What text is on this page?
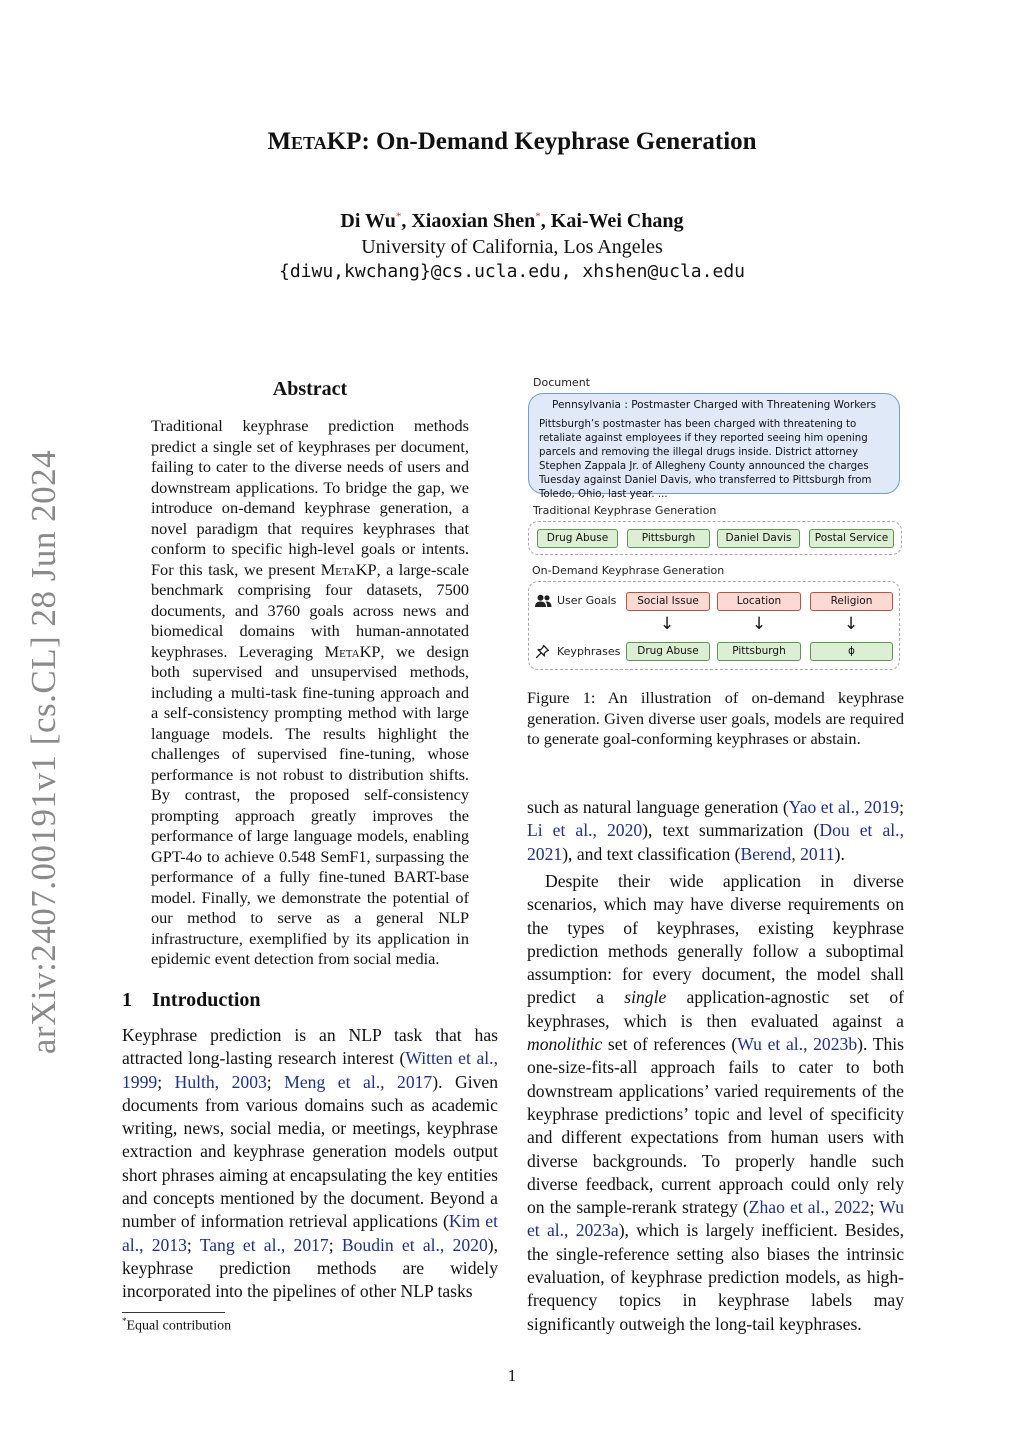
arXiv:2407.00191v1 [cs.CL] 28 Jun 2024
MetaKP: On-Demand Keyphrase Generation
Di Wu*, Xiaoxian Shen*, Kai-Wei Chang
University of California, Los Angeles
{diwu,kwchang}@cs.ucla.edu, xhshen@ucla.edu
Abstract
Traditional keyphrase prediction methods predict a single set of keyphrases per document, failing to cater to the diverse needs of users and downstream applications. To bridge the gap, we introduce on-demand keyphrase generation, a novel paradigm that requires keyphrases that conform to specific high-level goals or intents. For this task, we present MetaKP, a large-scale benchmark comprising four datasets, 7500 documents, and 3760 goals across news and biomedical domains with human-annotated keyphrases. Leveraging MetaKP, we design both supervised and unsupervised methods, including a multi-task fine-tuning approach and a self-consistency prompting method with large language models. The results highlight the challenges of supervised fine-tuning, whose performance is not robust to distribution shifts. By contrast, the proposed self-consistency prompting approach greatly improves the performance of large language models, enabling GPT-4o to achieve 0.548 SemF1, surpassing the performance of a fully fine-tuned BART-base model. Finally, we demonstrate the potential of our method to serve as a general NLP infrastructure, exemplified by its application in epidemic event detection from social media.
1 Introduction
Keyphrase prediction is an NLP task that has attracted long-lasting research interest (Witten et al., 1999; Hulth, 2003; Meng et al., 2017). Given documents from various domains such as academic writing, news, social media, or meetings, keyphrase extraction and keyphrase generation models output short phrases aiming at encapsulating the key entities and concepts mentioned by the document. Beyond a number of information retrieval applications (Kim et al., 2013; Tang et al., 2017; Boudin et al., 2020), keyphrase prediction methods are widely incorporated into the pipelines of other NLP tasks
*Equal contribution
1
Document
Pennsylvania : Postmaster Charged with Threatening Workers
Pittsburgh’s postmaster has been charged with threatening to retaliate against employees if they reported seeing him opening parcels and removing the illegal drugs inside. District attorney Stephen Zappala Jr. of Allegheny County announced the charges Tuesday against Daniel Davis, who transferred to Pittsburgh from Toledo, Ohio, last year. ...
Traditional Keyphrase Generation
Drug Abuse	Pittsburgh	Daniel Davis	Postal Service
On-Demand Keyphrase Generation
User Goals	Social Issue	Location	Religion
↓	↓	↓
Keyphrases	Drug Abuse	Pittsburgh	ϕ
Figure 1: An illustration of on-demand keyphrase generation. Given diverse user goals, models are required to generate goal-conforming keyphrases or abstain.
such as natural language generation (Yao et al., 2019; Li et al., 2020), text summarization (Dou et al., 2021), and text classification (Berend, 2011).
Despite their wide application in diverse scenarios, which may have diverse requirements on the types of keyphrases, existing keyphrase prediction methods generally follow a suboptimal assumption: for every document, the model shall predict a single application-agnostic set of keyphrases, which is then evaluated against a monolithic set of references (Wu et al., 2023b). This one-size-fits-all approach fails to cater to both downstream applications’ varied requirements of the keyphrase predictions’ topic and level of specificity and different expectations from human users with diverse backgrounds. To properly handle such diverse feedback, current approach could only rely on the sample-rerank strategy (Zhao et al., 2022; Wu et al., 2023a), which is largely inefficient. Besides, the single-reference setting also biases the intrinsic evaluation, of keyphrase prediction models, as high-frequency topics in keyphrase labels may significantly outweigh the long-tail keyphrases.
